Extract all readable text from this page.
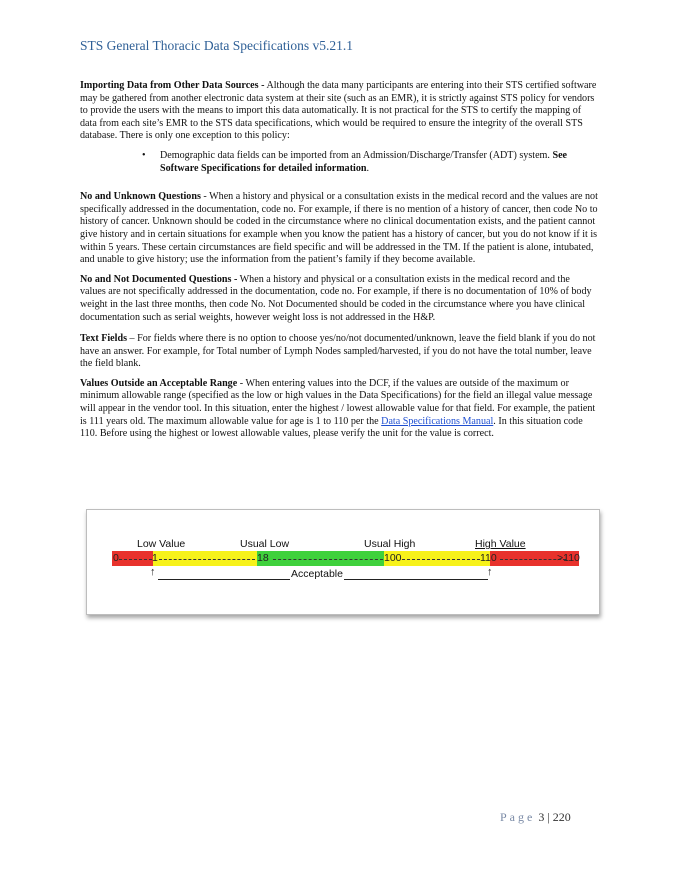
STS General Thoracic Data Specifications v5.21.1

Importing Data from Other Data Sources - Although the data many participants are entering into their STS certified software may be gathered from another electronic data system at their site (such as an EMR), it is strictly against STS policy for vendors to provide the users with the means to import this data automatically. It is not practical for the STS to certify the mapping of data from each site’s EMR to the STS data specifications, which would be required to ensure the integrity of the overall STS database. There is only one exception to this policy:

• Demographic data fields can be imported from an Admission/Discharge/Transfer (ADT) system. See Software Specifications for detailed information.

No and Unknown Questions - When a history and physical or a consultation exists in the medical record and the values are not specifically addressed in the documentation, code no. For example, if there is no mention of a history of cancer, then code No to history of cancer. Unknown should be coded in the circumstance where no clinical documentation exists, and the patient cannot give history and in certain situations for example when you know the patient has a history of cancer, but you do not know if it is within 5 years. These certain circumstances are field specific and will be addressed in the TM. If the patient is alone, intubated, and unable to give history; use the information from the patient’s family if they become available.

No and Not Documented Questions - When a history and physical or a consultation exists in the medical record and the values are not specifically addressed in the documentation, code no. For example, if there is no documentation of 10% of body weight in the last three months, then code No. Not Documented should be coded in the circumstance where you have clinical documentation such as serial weights, however weight loss is not addressed in the H&P.

Text Fields – For fields where there is no option to choose yes/no/not documented/unknown, leave the field blank if you do not have an answer. For example, for Total number of Lymph Nodes sampled/harvested, if you do not have the total number, leave the field blank.

Values Outside an Acceptable Range - When entering values into the DCF, if the values are outside of the maximum or minimum allowable range (specified as the low or high values in the Data Specifications) for the field an illegal value message will appear in the vendor tool. In this situation, enter the highest / lowest allowable value for that field. For example, the patient is 111 years old. The maximum allowable value for age is 1 to 110 per the Data Specifications Manual. In this situation code 110. Before using the highest or lowest allowable values, please verify the unit for the value is correct.

Low Value	Usual Low	Usual High	High Value
0	1	18	100	110	>110
↑	↑
Acceptable
Page 3 | 220
